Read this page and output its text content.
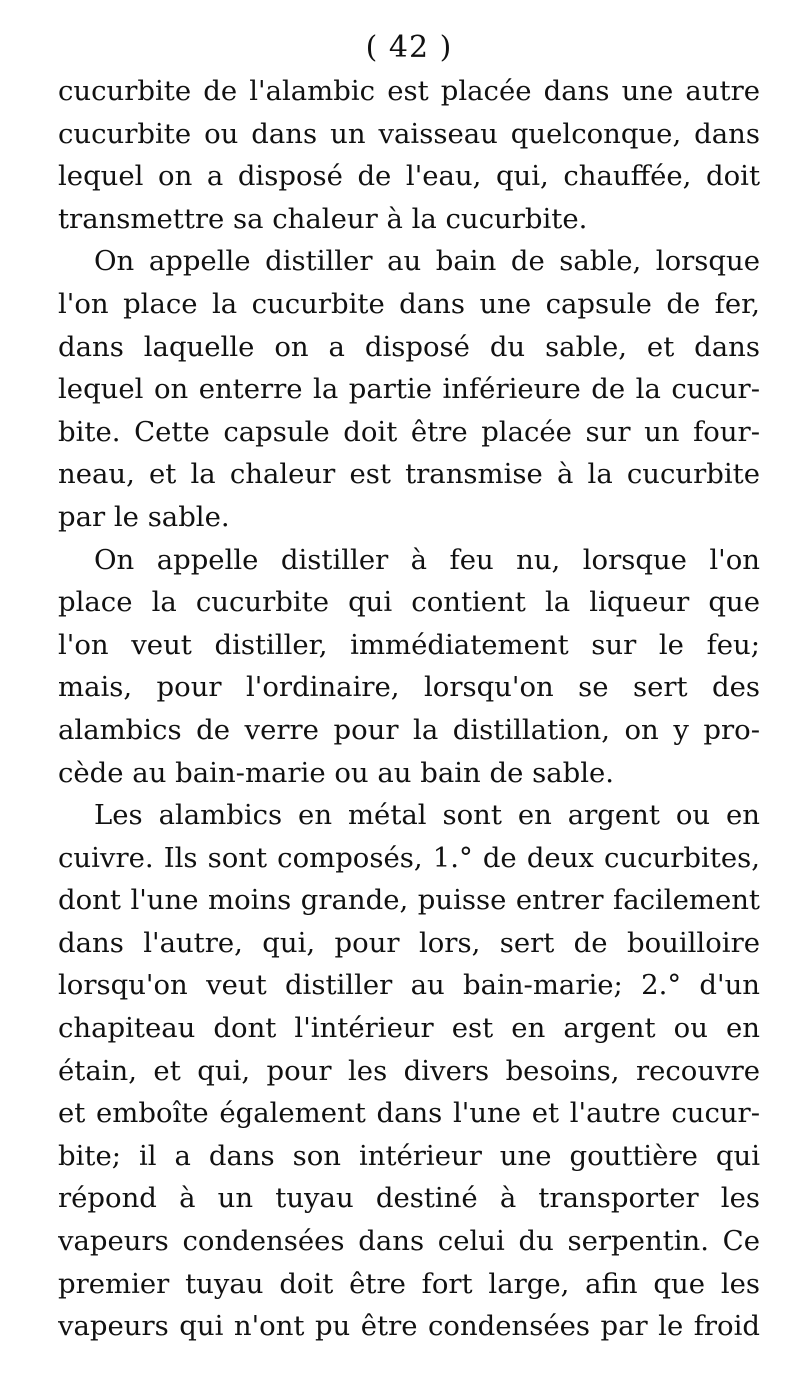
( 42 )
cucurbite de l'alambic est placée dans une autre
cucurbite ou dans un vaisseau quelconque, dans
lequel on a disposé de l'eau, qui, chauffée, doit
transmettre sa chaleur à la cucurbite.
On appelle distiller au bain de sable, lorsque
l'on place la cucurbite dans une capsule de fer,
dans laquelle on a disposé du sable, et dans
lequel on enterre la partie inférieure de la cucur-
bite. Cette capsule doit être placée sur un four-
neau, et la chaleur est transmise à la cucurbite
par le sable.
On appelle distiller à feu nu, lorsque l'on
place la cucurbite qui contient la liqueur que
l'on veut distiller, immédiatement sur le feu;
mais, pour l'ordinaire, lorsqu'on se sert des
alambics de verre pour la distillation, on y pro-
cède au bain-marie ou au bain de sable.
Les alambics en métal sont en argent ou en
cuivre. Ils sont composés, 1.° de deux cucurbites,
dont l'une moins grande, puisse entrer facilement
dans l'autre, qui, pour lors, sert de bouilloire
lorsqu'on veut distiller au bain-marie; 2.° d'un
chapiteau dont l'intérieur est en argent ou en
étain, et qui, pour les divers besoins, recouvre
et emboîte également dans l'une et l'autre cucur-
bite; il a dans son intérieur une gouttière qui
répond à un tuyau destiné à transporter les
vapeurs condensées dans celui du serpentin. Ce
premier tuyau doit être fort large, afin que les
vapeurs qui n'ont pu être condensées par le froid
